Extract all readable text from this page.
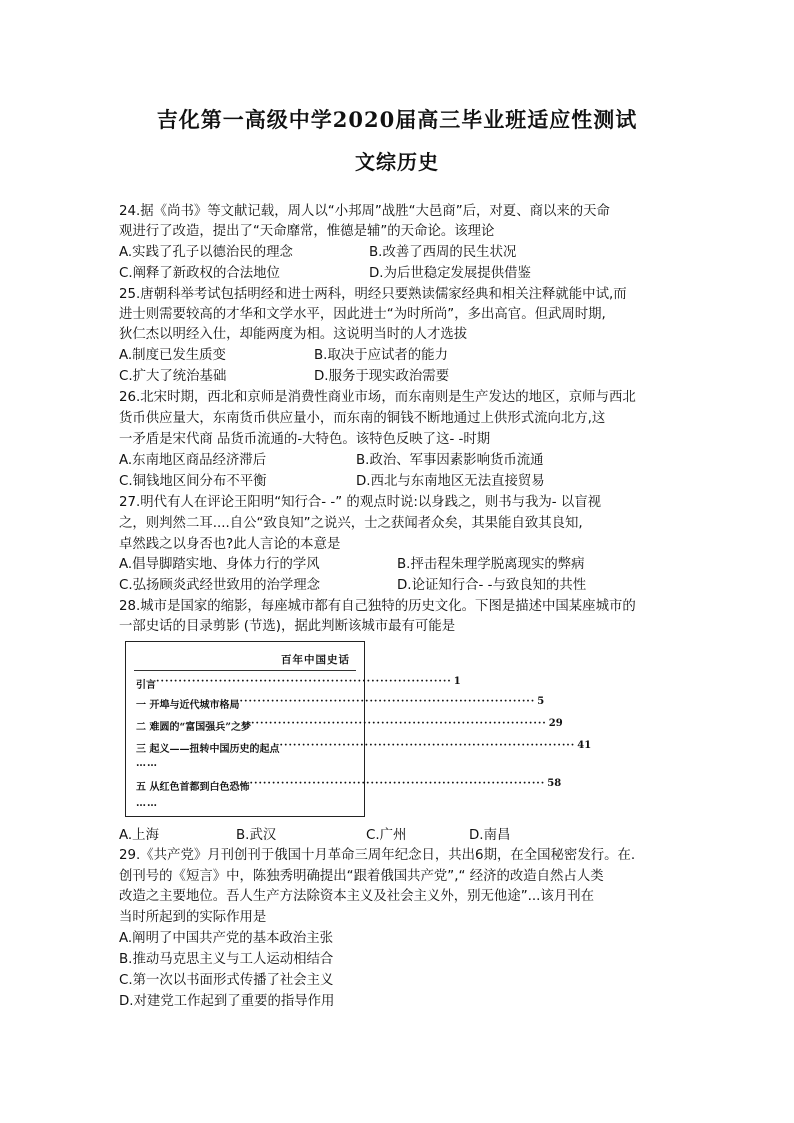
吉化第一高级中学2020届高三毕业班适应性测试
文综历史
24.据《尚书》等文献记载，周人以“小邦周”战胜“大邑商”后，对夏、商以来的天命
观进行了改造，提出了“天命靡常，惟德是辅”的天命论。该理论
A.实践了孔子以德治民的理念	B.改善了西周的民生状况
C.阐释了新政权的合法地位	D.为后世稳定发展提供借鉴
25.唐朝科举考试包括明经和进士两科，明经只要熟读儒家经典和相关注释就能中试,而
进士则需要较高的才华和文学水平，因此进士“为时所尚”，多出高官。但武周时期,
狄仁杰以明经入仕，却能两度为相。这说明当时的人才选拔
A.制度已发生质变	B.取决于应试者的能力
C.扩大了统治基础	D.服务于现实政治需要
26.北宋时期，西北和京师是消费性商业市场，而东南则是生产发达的地区，京师与西北
货币供应量大，东南货币供应量小，而东南的铜钱不断地通过上供形式流向北方,这
一矛盾是宋代商 品货币流通的-大特色。该特色反映了这- -时期
A.东南地区商品经济滞后	B.政治、军事因素影响货币流通
C.铜钱地区间分布不平衡	D.西北与东南地区无法直接贸易
27.明代有人在评论王阳明“知行合- -” 的观点时说:以身践之，则书与我为- 以盲视
之，则判然二耳....自公“致良知”之说兴，士之获闻者众矣，其果能自致其良知,
卓然践之以身否也?此人言论的本意是
A.倡导脚踏实地、身体力行的学风	B.抨击程朱理学脱离现实的弊病
C.弘扬顾炎武经世致用的治学理念	D.论证知行合- -与致良知的共性
28.城市是国家的缩影，每座城市都有自己独特的历史文化。下图是描述中国某座城市的
一部史话的目录剪影 (节选)，据此判断该城市最有可能是
百年中国史话
引言 ·································································· 1
一 开埠与近代城市格局 ·································································· 5
二 难圆的“富国强兵”之梦 ·································································· 29
三 起义——扭转中国历史的起点 ·································································· 41
……
五 从红色首都到白色恐怖 ·································································· 58
……
A.上海	B.武汉	C.广州	D.南昌
29.《共产党》月刊创刊于俄国十月革命三周年纪念日，共出6期，在全国秘密发行。在.
创刊号的《短言》中，陈独秀明确提出“跟着俄国共产党”,“ 经济的改造自然占人类
改造之主要地位。吾人生产方法除资本主义及社会主义外，别无他途”...该月刊在
当时所起到的实际作用是
A.阐明了中国共产党的基本政治主张
B.推动马克思主义与工人运动相结合
C.第一次以书面形式传播了社会主义
D.对建党工作起到了重要的指导作用
